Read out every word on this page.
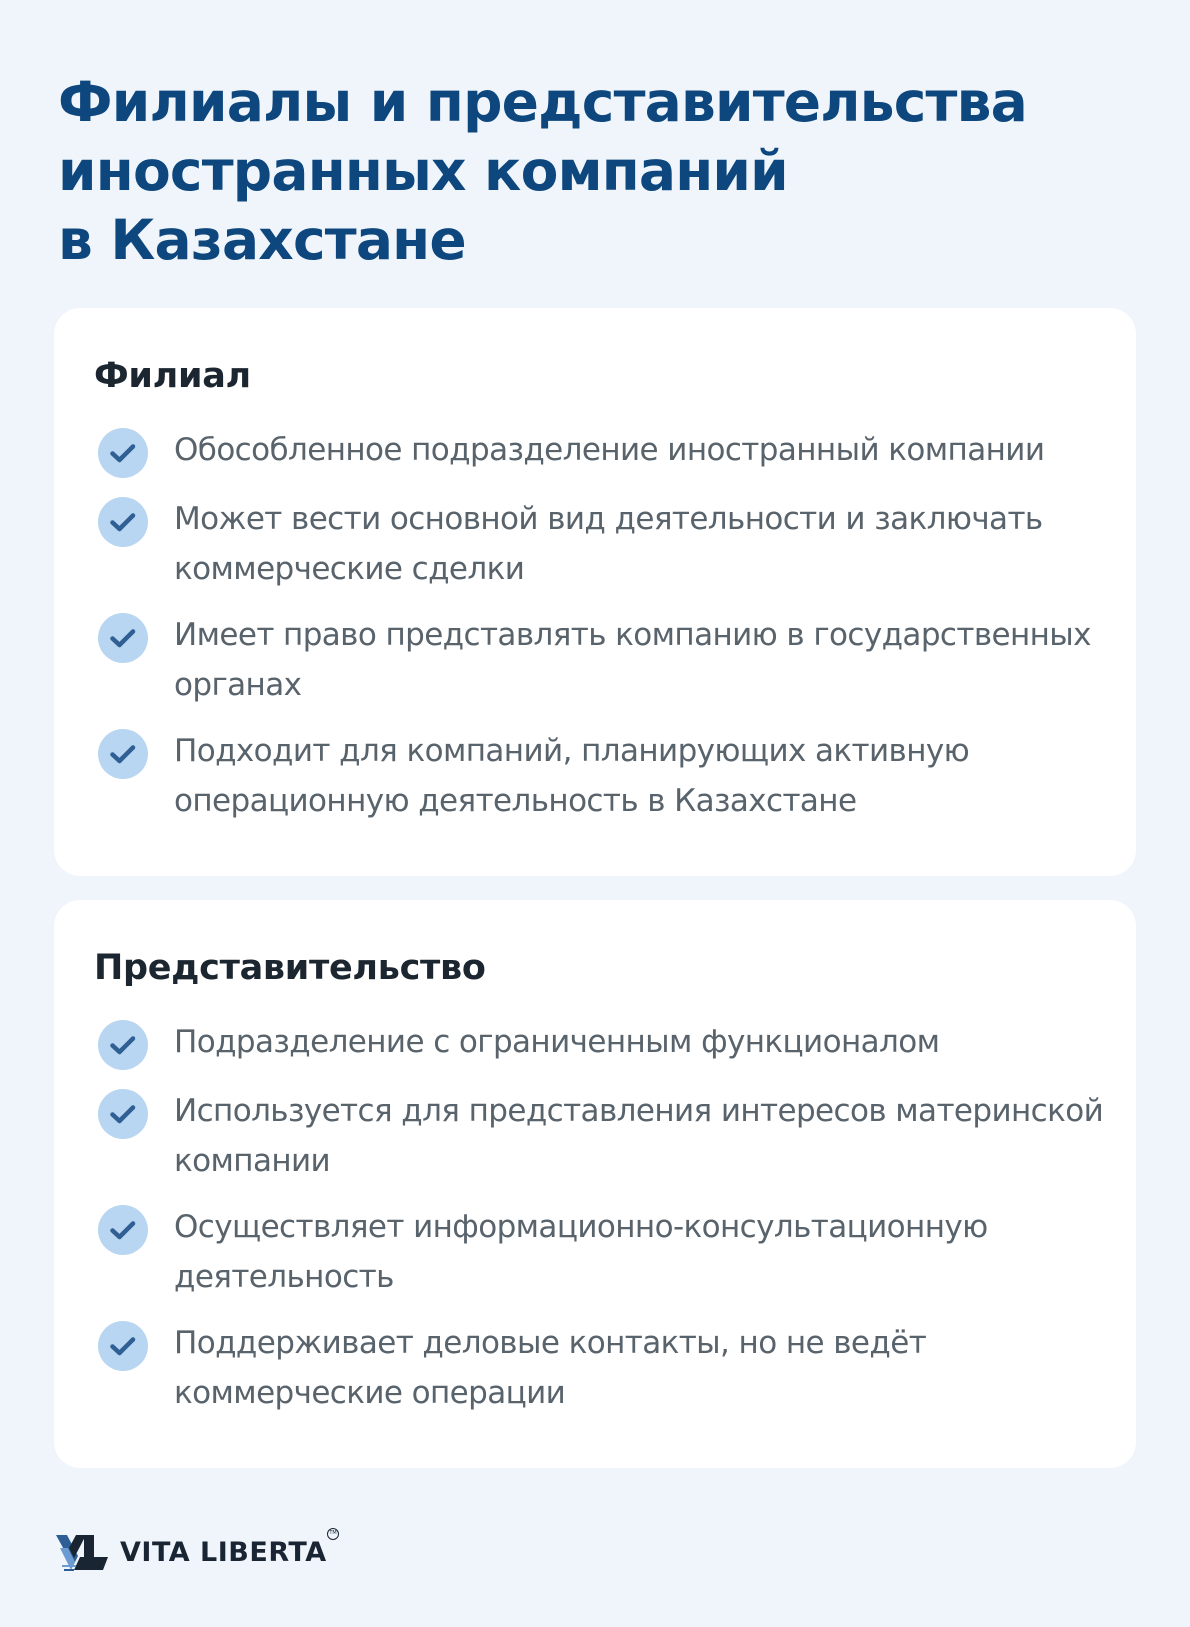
Филиалы и представительства
иностранных компаний
в Казахстане
Филиал

Обособленное подразделение иностранный компании

Может вести основной вид деятельности и заключать коммерческие сделки

Имеет право представлять компанию в государственных органах

Подходит для компаний, планирующих активную операционную деятельность в Казахстане

Представительство

Подразделение с ограниченным функционалом

Используется для представления интересов материнской компании

Осуществляет информационно-консультационную деятельность

Поддерживает деловые контакты, но не ведёт коммерческие операции

VITA LIBERTA
TM
